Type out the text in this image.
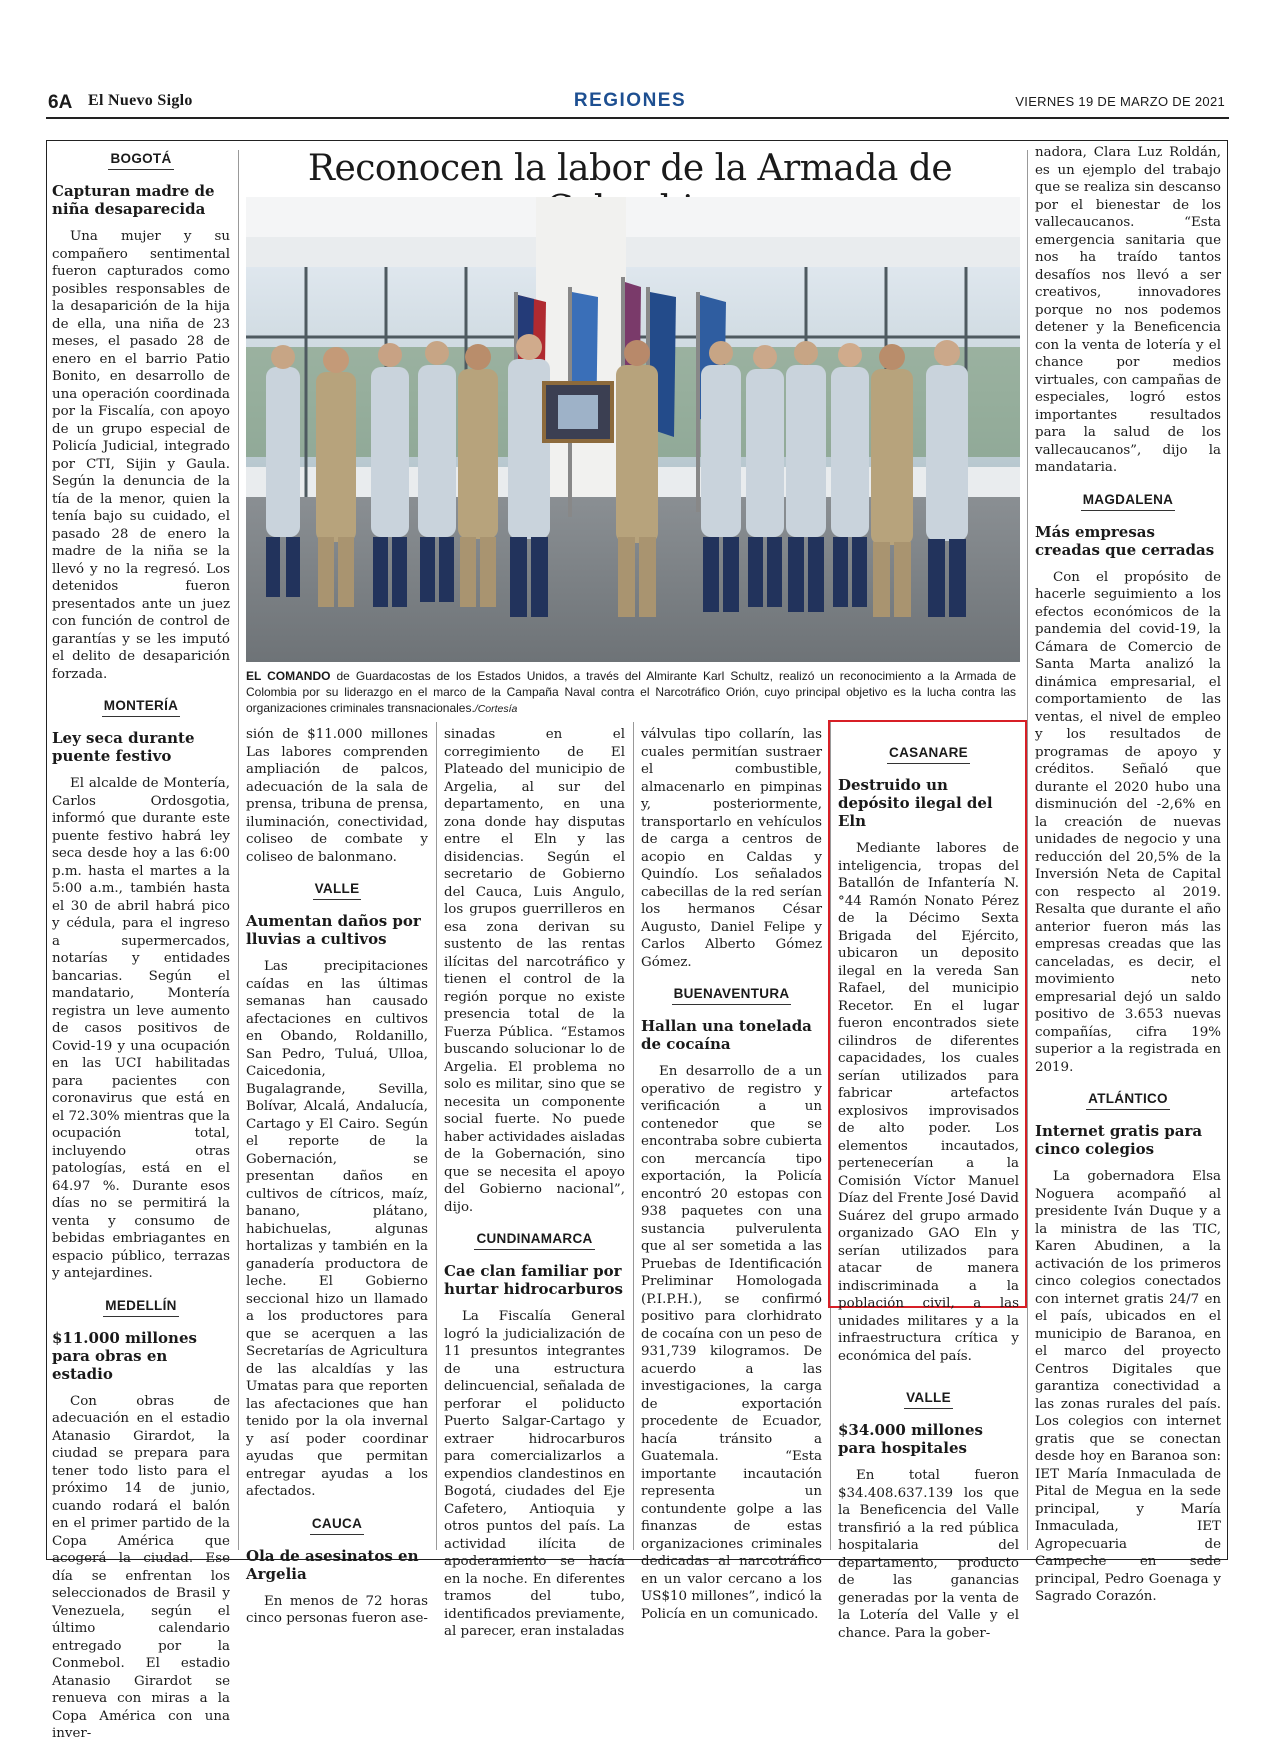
6A El Nuevo Siglo	REGIONES	VIERNES 19 DE MARZO DE 2021
Reconocen la labor de la Armada de
EL COMANDO de Guardacostas de los Estados Unidos, a través del Almirante Karl Schultz, realizó un reconocimiento a la Armada de Colombia por su liderazgo en el marco de la Campaña Naval contra el Narcotráfico Orión, cuyo principal objetivo es la lucha contra las organizaciones criminales transnacionales./Cortesía
BOGOTÁ
Capturan madre de niña desaparecida

Una mujer y su compañero sentimental fueron capturados como posibles responsables de la desaparición de la hija de ella, una niña de 23 meses, el pasado 28 de enero en el barrio Patio Bonito, en desarrollo de una operación coordinada por la Fiscalía, con apoyo de un grupo especial de Policía Judicial, integrado por CTI, Sijin y Gaula. Según la denuncia de la tía de la menor, quien la tenía bajo su cuidado, el pasado 28 de enero la madre de la niña se la llevó y no la regresó. Los detenidos fueron presentados ante un juez con función de control de garantías y se les imputó el delito de desaparición forzada.

MONTERÍA
Ley seca durante puente festivo

El alcalde de Montería, Carlos Ordosgotia, informó que durante este puente festivo habrá ley seca desde hoy a las 6:00 p.m. hasta el martes a la 5:00 a.m., también hasta el 30 de abril habrá pico y cédula, para el ingreso a supermercados, notarías y entidades bancarias. Según el mandatario, Montería registra un leve aumento de casos positivos de Covid-19 y una ocupación en las UCI habilitadas para pacientes con coronavirus que está en el 72.30% mientras que la ocupación total, incluyendo otras patologías, está en el 64.97 %. Durante esos días no se permitirá la venta y consumo de bebidas embriagantes en espacio público, terrazas y antejardines.

MEDELLÍN
$11.000 millones para obras en estadio

Con obras de adecuación en el estadio Atanasio Girardot, la ciudad se prepara para tener todo listo para el próximo 14 de junio, cuando rodará el balón en el primer partido de la Copa América que acogerá la ciudad. Ese día se enfrentan los seleccionados de Brasil y Venezuela, según el último calendario entregado por la Conmebol. El estadio Atanasio Girardot se renueva con miras a la Copa América con una inver-

sión de $11.000 millones Las labores comprenden ampliación de palcos, adecuación de la sala de prensa, tribuna de prensa, iluminación, conectividad, coliseo de combate y coliseo de balonmano.

VALLE
Aumentan daños por lluvias a cultivos

Las precipitaciones caídas en las últimas semanas han causado afectaciones en cultivos en Obando, Roldanillo, San Pedro, Tuluá, Ulloa, Caicedonia, Bugalagrande, Sevilla, Bolívar, Alcalá, Andalucía, Cartago y El Cairo. Según el reporte de la Gobernación, se presentan daños en cultivos de cítricos, maíz, banano, plátano, habichuelas, algunas hortalizas y también en la ganadería productora de leche. El Gobierno seccional hizo un llamado a los productores para que se acerquen a las Secretarías de Agricultura de las alcaldías y las Umatas para que reporten las afectaciones que han tenido por la ola invernal y así poder coordinar ayudas que permitan entregar ayudas a los afectados.

CAUCA
Ola de asesinatos en Argelia

En menos de 72 horas cinco personas fueron ase-

sinadas en el corregimiento de El Plateado del municipio de Argelia, al sur del departamento, en una zona donde hay disputas entre el Eln y las disidencias. Según el secretario de Gobierno del Cauca, Luis Angulo, los grupos guerrilleros en esa zona derivan su sustento de las rentas ilícitas del narcotráfico y tienen el control de la región porque no existe presencia total de la Fuerza Pública. “Estamos buscando solucionar lo de Argelia. El problema no solo es militar, sino que se necesita un componente social fuerte. No puede haber actividades aisladas de la Gobernación, sino que se necesita el apoyo del Gobierno nacional”, dijo.

CUNDINAMARCA
Cae clan familiar por hurtar hidrocarburos

La Fiscalía General logró la judicialización de 11 presuntos integrantes de una estructura delincuencial, señalada de perforar el poliducto Puerto Salgar-Cartago y extraer hidrocarburos para comercializarlos a expendios clandestinos en Bogotá, ciudades del Eje Cafetero, Antioquia y otros puntos del país. La actividad ilícita de apoderamiento se hacía en la noche. En diferentes tramos del tubo, identificados previamente, al parecer, eran instaladas

válvulas tipo collarín, las cuales permitían sustraer el combustible, almacenarlo en pimpinas y, posteriormente, transportarlo en vehículos de carga a centros de acopio en Caldas y Quindío. Los señalados cabecillas de la red serían los hermanos César Augusto, Daniel Felipe y Carlos Alberto Gómez Gómez.

BUENAVENTURA
Hallan una tonelada de cocaína

En desarrollo de a un operativo de registro y verificación a un contenedor que se encontraba sobre cubierta con mercancía tipo exportación, la Policía encontró 20 estopas con 938 paquetes con una sustancia pulverulenta que al ser sometida a las Pruebas de Identificación Preliminar Homologada (P.I.P.H.), se confirmó positivo para clorhidrato de cocaína con un peso de 931,739 kilogramos. De acuerdo a las investigaciones, la carga de exportación procedente de Ecuador, hacía tránsito a Guatemala. “Esta importante incautación representa un contundente golpe a las finanzas de estas organizaciones criminales dedicadas al narcotráfico en un valor cercano a los US$10 millones”, indicó la Policía en un comunicado.

CASANARE
Destruido un depósito ilegal del Eln

Mediante labores de inteligencia, tropas del Batallón de Infantería N.°44 Ramón Nonato Pérez de la Décimo Sexta Brigada del Ejército, ubicaron un deposito ilegal en la vereda San Rafael, del municipio Recetor. En el lugar fueron encontrados siete cilindros de diferentes capacidades, los cuales serían utilizados para fabricar artefactos explosivos improvisados de alto poder. Los elementos incautados, pertenecerían a la Comisión Víctor Manuel Díaz del Frente José David Suárez del grupo armado organizado GAO Eln y serían utilizados para atacar de manera indiscriminada a la población civil, a las unidades militares y a la infraestructura crítica y económica del país.

VALLE
$34.000 millones para hospitales

En total fueron $34.408.637.139 los que la Beneficencia del Valle transfirió a la red pública hospitalaria del departamento, producto de las ganancias generadas por la venta de la Lotería del Valle y el chance. Para la gober-

nadora, Clara Luz Roldán, es un ejemplo del trabajo que se realiza sin descanso por el bienestar de los vallecaucanos. “Esta emergencia sanitaria que nos ha traído tantos desafíos nos llevó a ser creativos, innovadores porque no nos podemos detener y la Beneficencia con la venta de lotería y el chance por medios virtuales, con campañas de especiales, logró estos importantes resultados para la salud de los vallecaucanos”, dijo la mandataria.

MAGDALENA
Más empresas creadas que cerradas

Con el propósito de hacerle seguimiento a los efectos económicos de la pandemia del covid-19, la Cámara de Comercio de Santa Marta analizó la dinámica empresarial, el comportamiento de las ventas, el nivel de empleo y los resultados de programas de apoyo y créditos. Señaló que durante el 2020 hubo una disminución del -2,6% en la creación de nuevas unidades de negocio y una reducción del 20,5% de la Inversión Neta de Capital con respecto al 2019. Resalta que durante el año anterior fueron más las empresas creadas que las canceladas, es decir, el movimiento neto empresarial dejó un saldo positivo de 3.653 nuevas compañías, cifra 19% superior a la registrada en 2019.

ATLÁNTICO
Internet gratis para cinco colegios

La gobernadora Elsa Noguera acompañó al presidente Iván Duque y a la ministra de las TIC, Karen Abudinen, a la activación de los primeros cinco colegios conectados con internet gratis 24/7 en el país, ubicados en el municipio de Baranoa, en el marco del proyecto Centros Digitales que garantiza conectividad a las zonas rurales del país. Los colegios con internet gratis que se conectan desde hoy en Baranoa son: IET María Inmaculada de Pital de Megua en la sede principal, y María Inmaculada, IET Agropecuaria de Campeche en sede principal, Pedro Goenaga y Sagrado Corazón.
